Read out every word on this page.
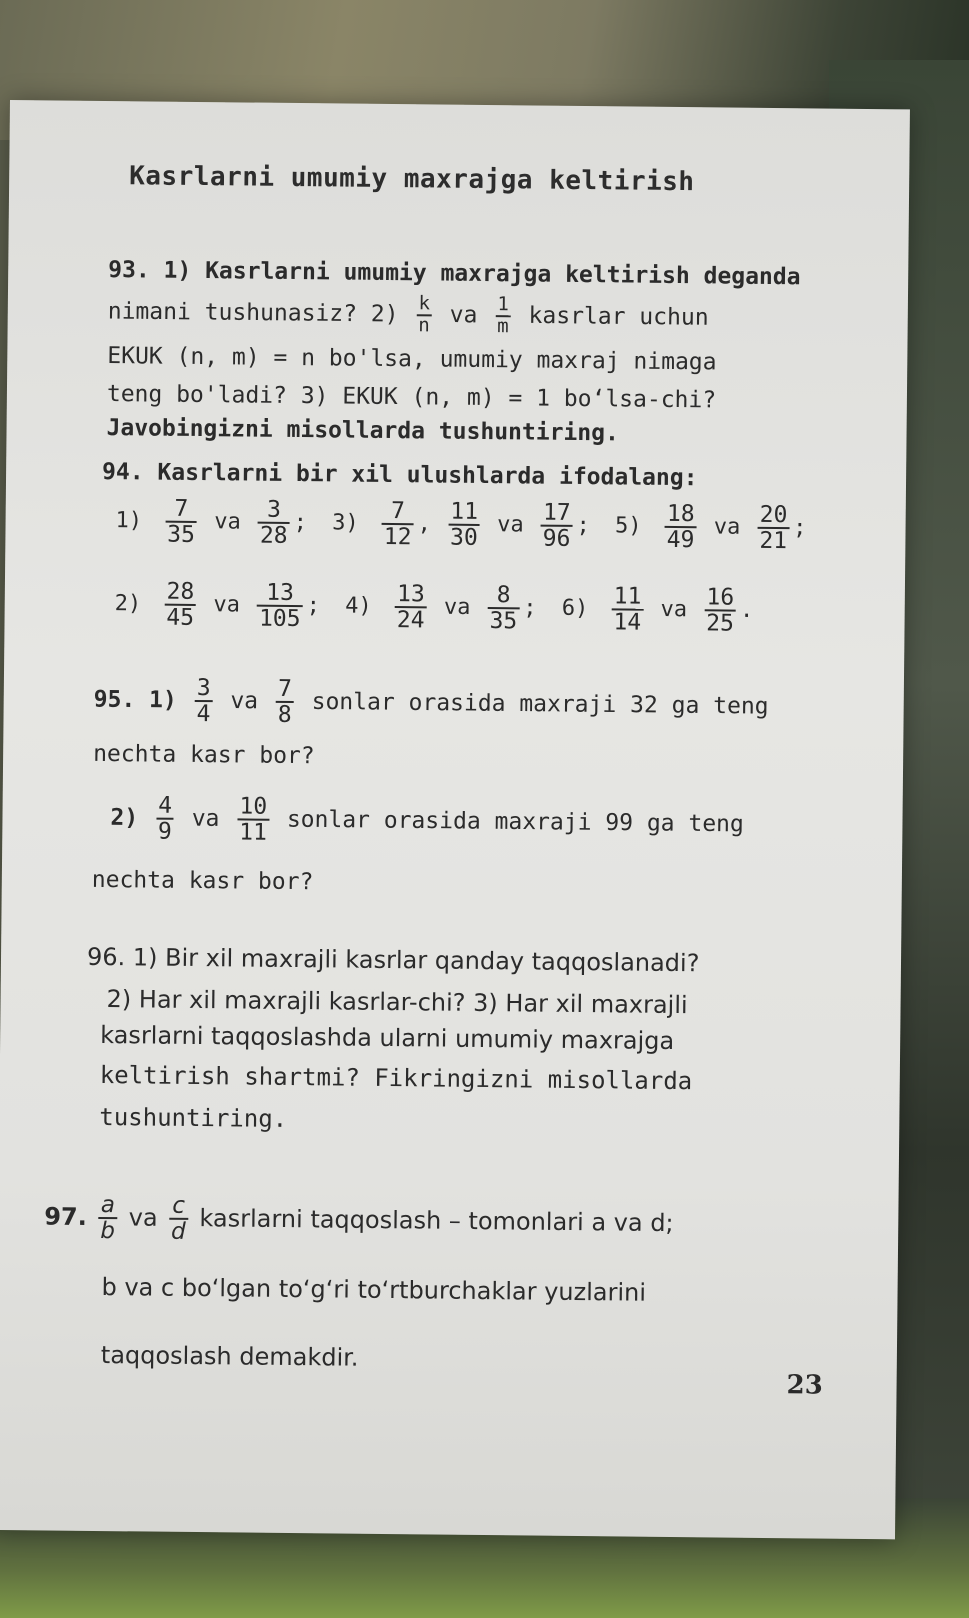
Kasrlarni umumiy maxrajga keltirish
93. 1) Kasrlarni umumiy maxrajga keltirish deganda
nimani tushunasiz? $2) \frac{k}{n}$ va $\frac{1}{m}$ kasrlar uchun
EKUK (n, m) = n bo'lsa, umumiy maxraj nimaga
teng bo'ladi? 3) EKUK (n, m) = 1 bo‘lsa-chi?
Javobingizni misollarda tushuntiring.
94. Kasrlarni bir xil ulushlarda ifodalang:
$1) \frac{7}{35}$ va $\frac{3}{28}$ ; $3) \frac{7}{12}$ , $\frac{11}{30}$ va $\frac{17}{96}$ ; $5) \frac{18}{49}$ va $\frac{20}{21}$ ;
$2) \frac{28}{45}$ va $\frac{13}{105}$ ; $4) \frac{13}{24}$ va $\frac{8}{35}$ ; $6) \frac{11}{14}$ va $\frac{16}{25}$ .
95. $1) \frac{3}{4}$ va $\frac{7}{8}$ sonlar orasida maxraji 32 ga teng
nechta kasr bor?
$2) \frac{4}{9}$ va $\frac{10}{11}$ sonlar orasida maxraji 99 ga teng
nechta kasr bor?
96. 1) Bir xil maxrajli kasrlar qanday taqqoslanadi?
2) Har xil maxrajli kasrlar-chi? 3) Har xil maxrajli
kasrlarni taqqoslashda ularni umumiy maxrajga
keltirish shartmi? Fikringizni misollarda
tushuntiring.
97. $\frac{a}{b}$ va $\frac{c}{d}$ kasrlarni taqqoslash – tomonlari a va d;
b va c bo‘lgan to‘g‘ri to‘rtburchaklar yuzlarini
taqqoslash demakdir.
23
